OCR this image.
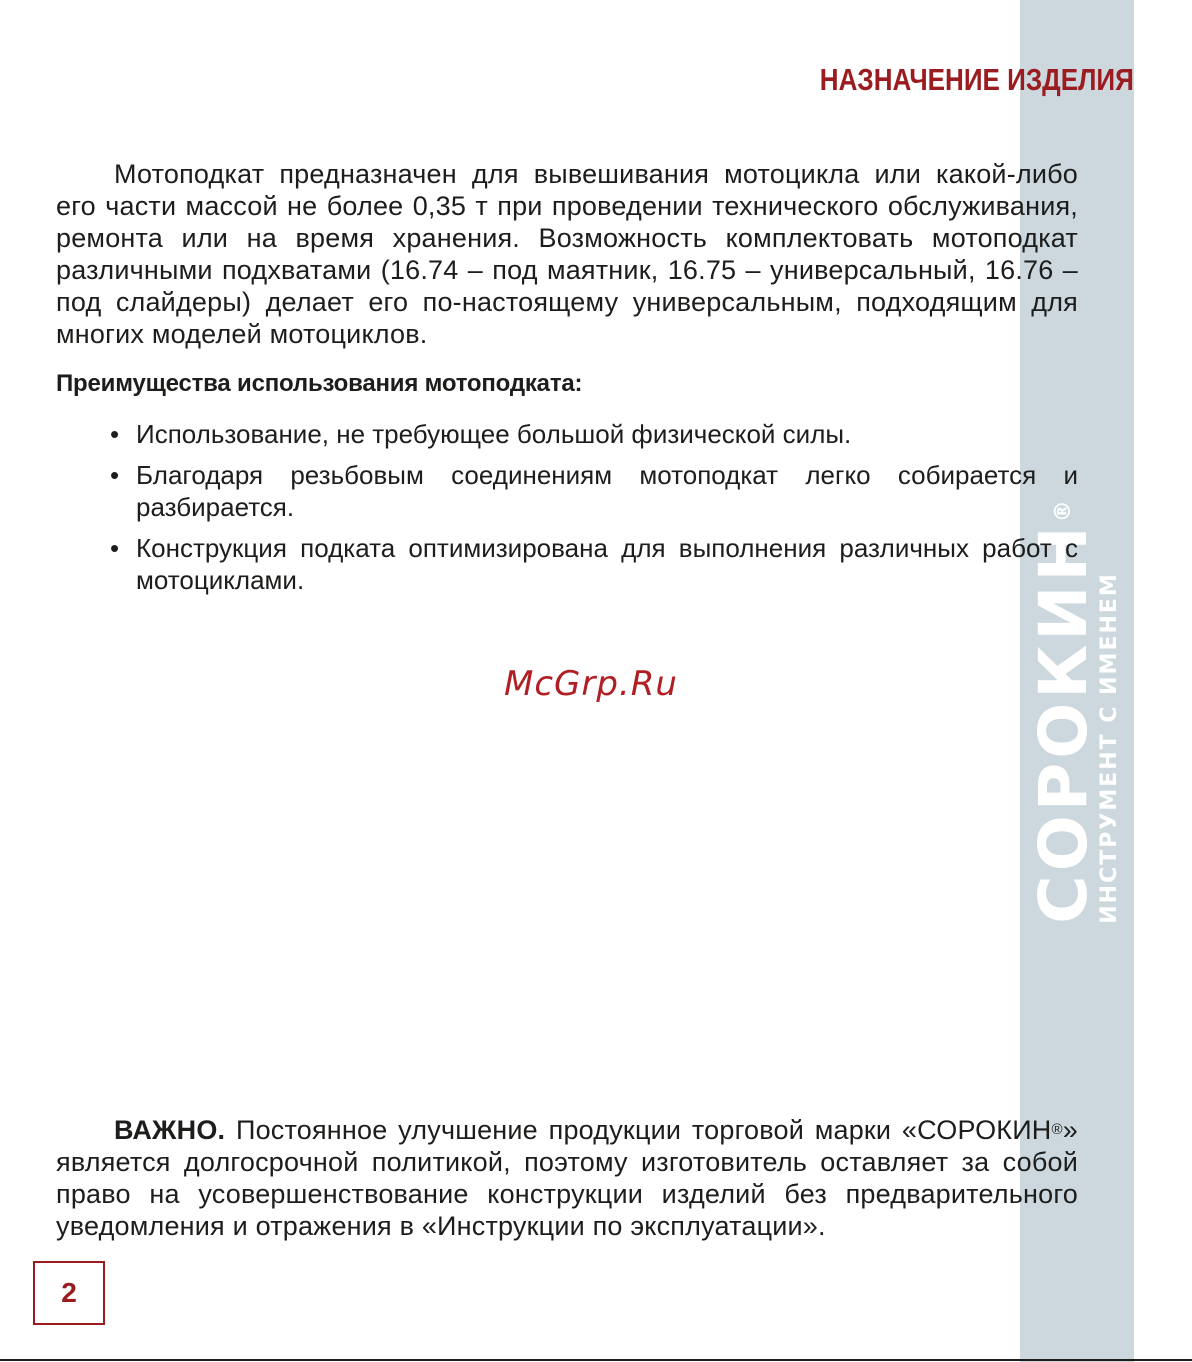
СОРОКИН®
ИНСТРУМЕНТ С ИМЕНЕМ
НАЗНАЧЕНИЕ ИЗДЕЛИЯ

Мотоподкат предназначен для вывешивания мотоцикла или какой-либо его части массой не более 0,35 т при проведении технического обслуживания, ремонта или на время хранения. Возможность комплектовать мотоподкат различными подхватами (16.74 – под маятник, 16.75 – универсальный, 16.76 – под слайдеры) делает его по-настоящему универсальным, подходящим для многих моделей мотоциклов.

Преимущества использования мотоподката:
• Использование, не требующее большой физической силы.
• Благодаря резьбовым соединениям мотоподкат легко собирается и разбирается.
• Конструкция подката оптимизирована для выполнения различных работ с мотоциклами.
McGrp.Ru

ВАЖНО. Постоянное улучшение продукции торговой марки «СОРОКИН®» является долгосрочной политикой, поэтому изготовитель оставляет за собой право на усовершенствование конструкции изделий без предварительного уведомления и отражения в «Инструкции по эксплуатации».

2
